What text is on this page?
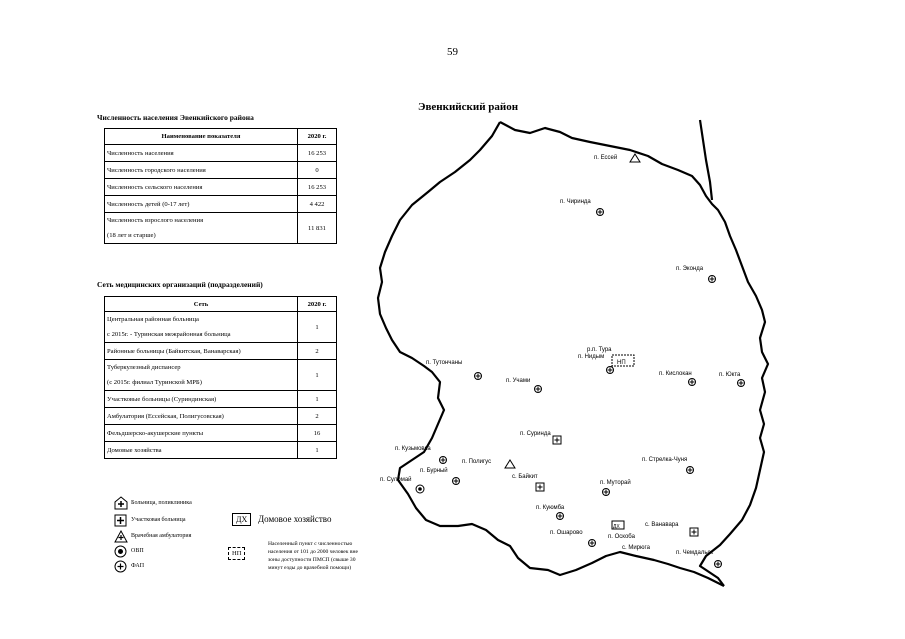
59
Численность населения Эвенкийского района
Наименование показателя	2020 г.
Численность населения	16 253
Численность городского населения	0
Численность сельского населения	16 253
Численность детей (0-17 лет)	4 422
Численность взрослого населения
(18 лет и старше)	11 831
Сеть медицинских организаций (подразделений)
Сеть	2020 г.
Центральная районная больница
с 2015г. - Туринская межрайонная больница	1
Районные больницы (Байкитская, Ванаварская)	2
Туберкулезный диспансер
(с 2015г. филиал Туринской МРБ)	1
Участковые больницы (Суриндинская)	1
Амбулатория (Ессейская, Полигусовская)	2
Фельдшерско-акушерские пункты	16
Домовые хозяйства	1
Больница, поликлиника
Участковая больница
Врачебная амбулатория
ОВП
ФАП
ДХ	Домовое хозяйство
НП
Населенный пункт с численностью
населения от 101 до 2000 человек вне
зоны доступности ПМСП (свыше 30
минут езды до врачебной помощи)
Эвенкийский район
п. Ессей
п. Чиринда
п. Эконда
р.п. Тура
п. Нидым
п. Тутончаны
п. Учами
п. Кислокан	п. Юкта
п. Суринда
п. Кузьмовка
п. Полигус
п. Бурный
п. Суломай	с. Байкит
п. Стрелка-Чуня
п. Муторай
п. Куюмба
п. Оскоба
с. Ванавара
с. Мирюга
п. Ошарово
п. Чемдальск
НП
ДХ
